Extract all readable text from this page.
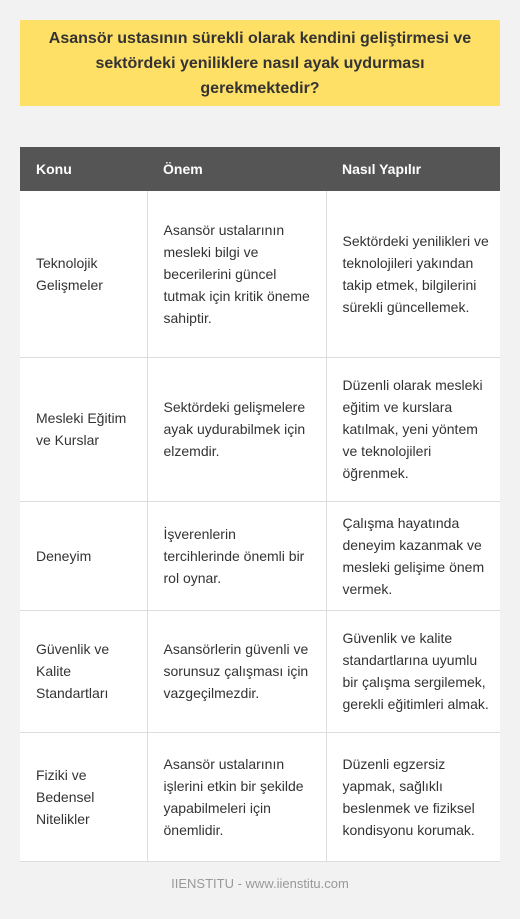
Asansör ustasının sürekli olarak kendini geliştirmesi ve sektördeki yeniliklere nasıl ayak uydurması gerekmektedir?
Konu	Önem	Nasıl Yapılır
Teknolojik Gelişmeler	Asansör ustalarının mesleki bilgi ve becerilerini güncel tutmak için kritik öneme sahiptir.	Sektördeki yenilikleri ve teknolojileri yakından takip etmek, bilgilerini sürekli güncellemek.
Mesleki Eğitim ve Kurslar	Sektördeki gelişmelere ayak uydurabilmek için elzemdir.	Düzenli olarak mesleki eğitim ve kurslara katılmak, yeni yöntem ve teknolojileri öğrenmek.
Deneyim	İşverenlerin tercihlerinde önemli bir rol oynar.	Çalışma hayatında deneyim kazanmak ve mesleki gelişime önem vermek.
Güvenlik ve Kalite Standartları	Asansörlerin güvenli ve sorunsuz çalışması için vazgeçilmezdir.	Güvenlik ve kalite standartlarına uyumlu bir çalışma sergilemek, gerekli eğitimleri almak.
Fiziki ve Bedensel Nitelikler	Asansör ustalarının işlerini etkin bir şekilde yapabilmeleri için önemlidir.	Düzenli egzersiz yapmak, sağlıklı beslenmek ve fiziksel kondisyonu korumak.
IIENSTITU - www.iienstitu.com
